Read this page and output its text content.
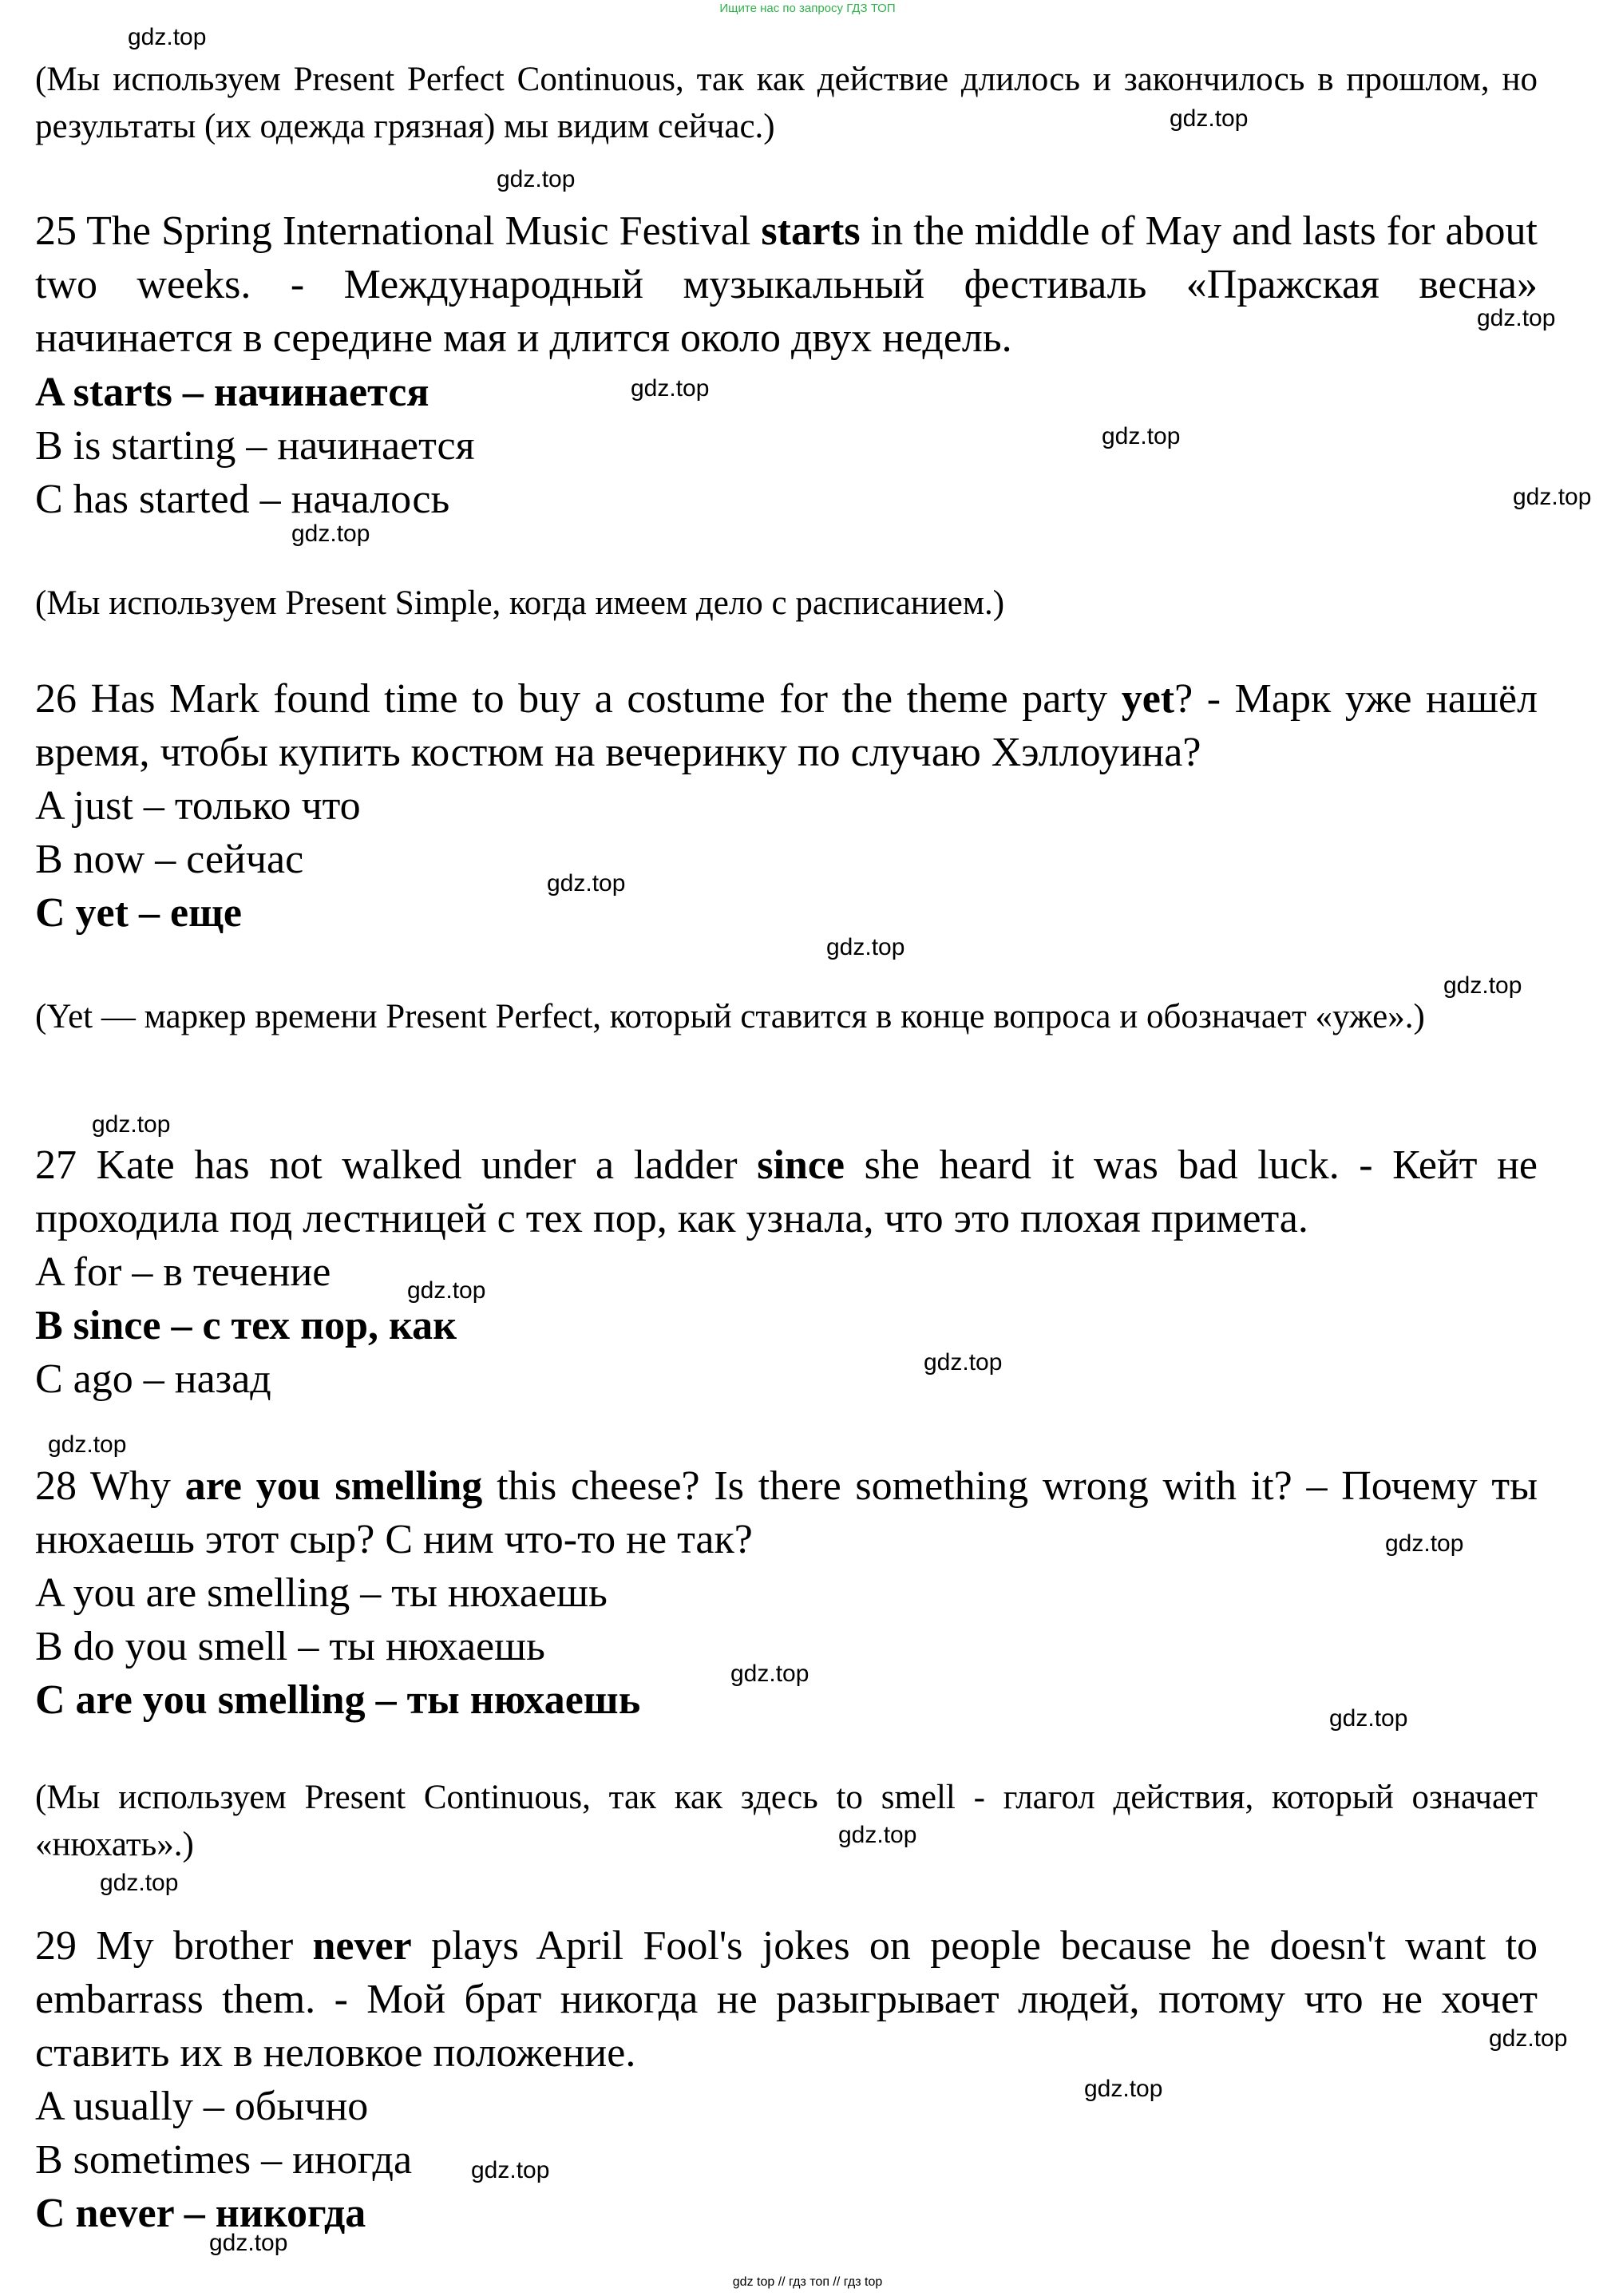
Ищите нас по запросу ГДЗ ТОП
(Мы используем Present Perfect Continuous, так как действие длилось и закончилось в прошлом, но результаты (их одежда грязная) мы видим сейчас.)
25 The Spring International Music Festival starts in the middle of May and lasts for about two weeks. - Международный музыкальный фестиваль «Пражская весна» начинается в середине мая и длится около двух недель.
A starts – начинается
B is starting – начинается
C has started – началось
(Мы используем Present Simple, когда имеем дело с расписанием.)
26 Has Mark found time to buy a costume for the theme party yet? - Марк уже нашёл время, чтобы купить костюм на вечеринку по случаю Хэллоуина?
A just – только что
B now – сейчас
C yet – еще
(Yet — маркер времени Present Perfect, который ставится в конце вопроса и обозначает «уже».)
27 Kate has not walked under a ladder since she heard it was bad luck. - Кейт не проходила под лестницей с тех пор, как узнала, что это плохая примета.
A for – в течение
B since – с тех пор, как
C ago – назад
28 Why are you smelling this cheese? Is there something wrong with it? – Почему ты нюхаешь этот сыр? С ним что-то не так?
A you are smelling – ты нюхаешь
B do you smell – ты нюхаешь
C are you smelling – ты нюхаешь
(Мы используем Present Continuous, так как здесь to smell - глагол действия, который означает «нюхать».)
29 My brother never plays April Fool's jokes on people because he doesn't want to embarrass them. - Мой брат никогда не разыгрывает людей, потому что не хочет ставить их в неловкое положение.
A usually – обычно
B sometimes – иногда
C never – никогда
gdz.top
gdz.top
gdz.top
gdz.top
gdz.top
gdz.top
gdz.top
gdz.top
gdz.top
gdz.top
gdz.top
gdz.top
gdz.top
gdz.top
gdz.top
gdz.top
gdz.top
gdz.top
gdz.top
gdz.top
gdz.top
gdz.top
gdz.top
gdz.top
gdz top // гдз топ // гдз top
